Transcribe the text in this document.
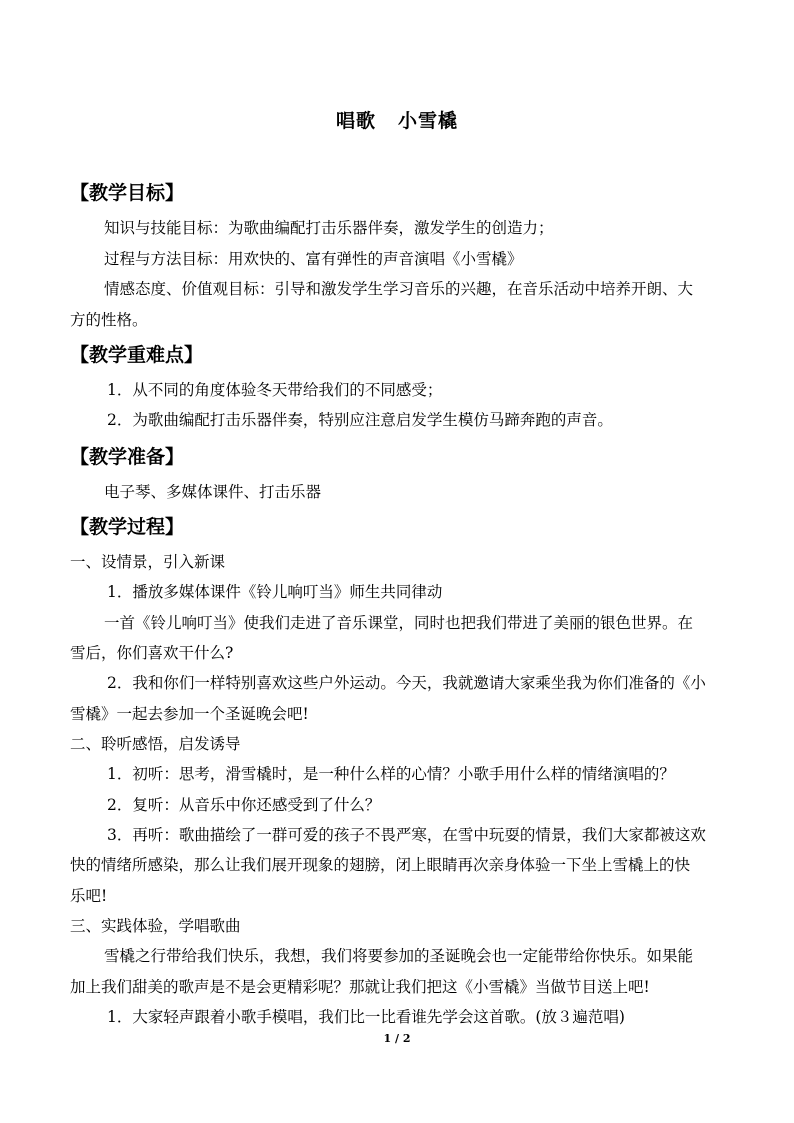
唱歌 小雪橇
【教学目标】
知识与技能目标：为歌曲编配打击乐器伴奏，激发学生的创造力；
过程与方法目标：用欢快的、富有弹性的声音演唱《小雪橇》
情感态度、价值观目标：引导和激发学生学习音乐的兴趣，在音乐活动中培养开朗、大
方的性格。
【教学重难点】
1．从不同的角度体验冬天带给我们的不同感受；
2．为歌曲编配打击乐器伴奏，特别应注意启发学生模仿马蹄奔跑的声音。
【教学准备】
电子琴、多媒体课件、打击乐器
【教学过程】
一、设情景，引入新课
1．播放多媒体课件《铃儿响叮当》师生共同律动
一首《铃儿响叮当》使我们走进了音乐课堂，同时也把我们带进了美丽的银色世界。在
雪后，你们喜欢干什么?
2．我和你们一样特别喜欢这些户外运动。今天，我就邀请大家乘坐我为你们准备的《小
雪橇》一起去参加一个圣诞晚会吧!
二、聆听感悟，启发诱导
1．初听：思考，滑雪橇时，是一种什么样的心情？小歌手用什么样的情绪演唱的？
2．复听：从音乐中你还感受到了什么？
3．再听：歌曲描绘了一群可爱的孩子不畏严寒，在雪中玩耍的情景，我们大家都被这欢
快的情绪所感染，那么让我们展开现象的翅膀，闭上眼睛再次亲身体验一下坐上雪橇上的快
乐吧!
三、实践体验，学唱歌曲
雪橇之行带给我们快乐，我想，我们将要参加的圣诞晚会也一定能带给你快乐。如果能
加上我们甜美的歌声是不是会更精彩呢？那就让我们把这《小雪橇》当做节目送上吧!
1．大家轻声跟着小歌手模唱，我们比一比看谁先学会这首歌。(放３遍范唱)
1 / 2
